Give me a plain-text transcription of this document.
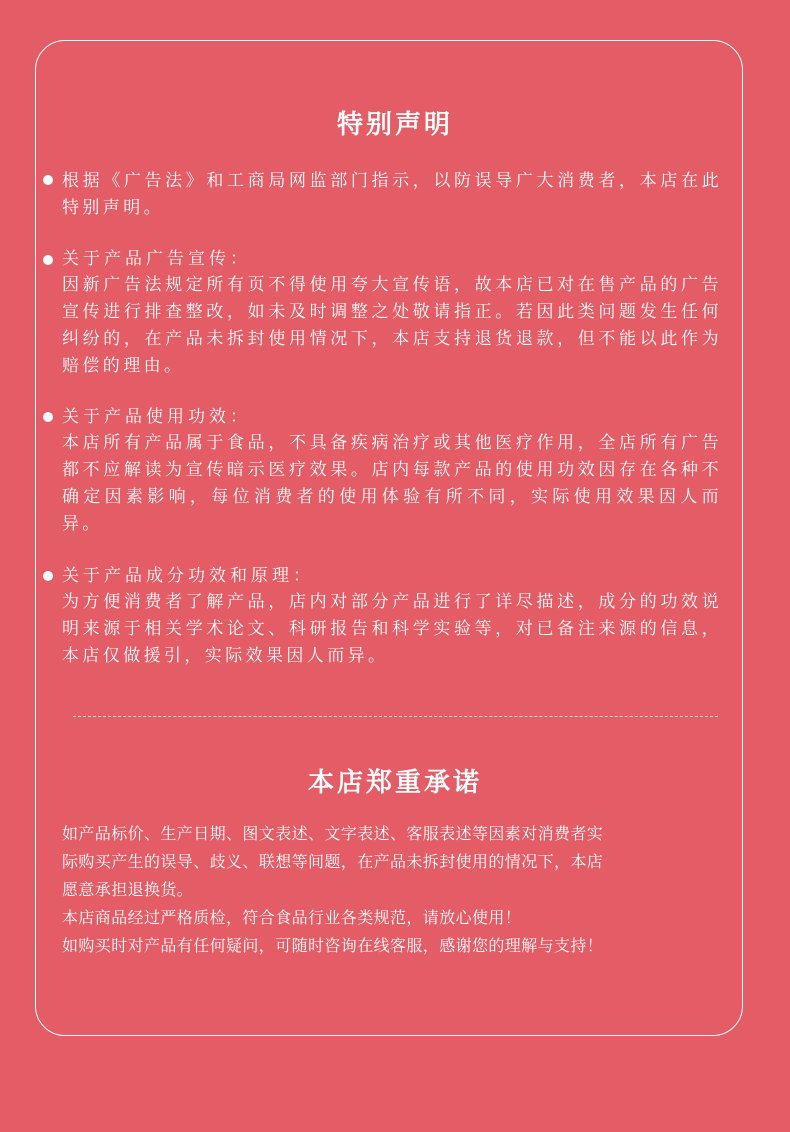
特别声明
根据《广告法》和工商局网监部门指示，以防误导广大消费者，本店在此特别声明。
关于产品广告宣传：
因新广告法规定所有页不得使用夸大宣传语，故本店已对在售产品的广告宣传进行排查整改，如未及时调整之处敬请指正。若因此类问题发生任何纠纷的，在产品未拆封使用情况下，本店支持退货退款，但不能以此作为赔偿的理由。
关于产品使用功效：
本店所有产品属于食品，不具备疾病治疗或其他医疗作用，全店所有广告都不应解读为宣传暗示医疗效果。店内每款产品的使用功效因存在各种不确定因素影响，每位消费者的使用体验有所不同，实际使用效果因人而异。
关于产品成分功效和原理：
为方便消费者了解产品，店内对部分产品进行了详尽描述，成分的功效说明来源于相关学术论文、科研报告和科学实验等，对已备注来源的信息，本店仅做援引，实际效果因人而异。
本店郑重承诺
如产品标价、生产日期、图文表述、文字表述、客服表述等因素对消费者实
际购买产生的误导、歧义、联想等间题，在产品未拆封使用的情况下，本店
愿意承担退换货。
本店商品经过严格质检，符合食品行业各类规范，请放心使用！
如购买时对产品有任何疑问，可随时咨询在线客服，感谢您的理解与支持！
